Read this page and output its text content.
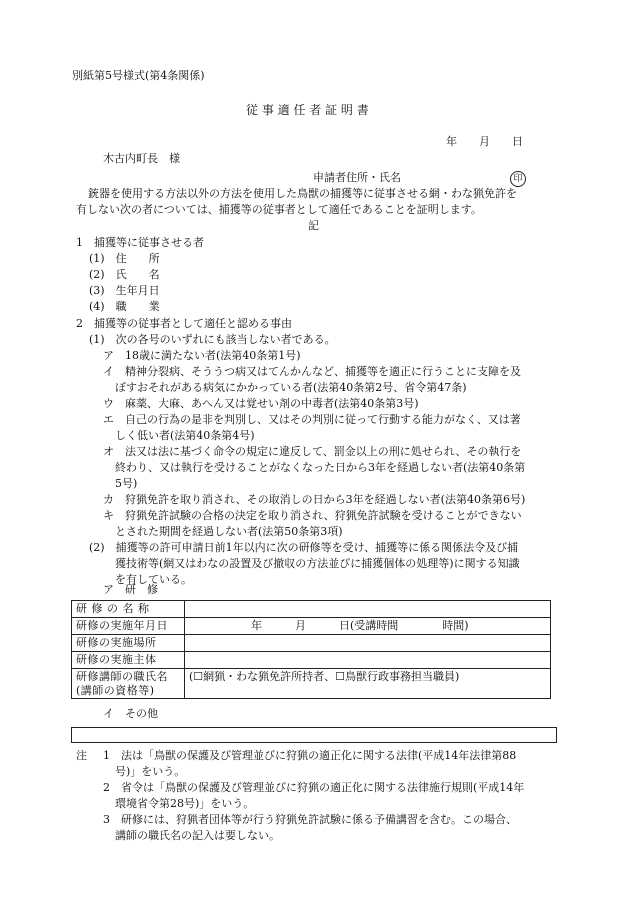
別紙第5号様式(第4条関係)
従 事 適 任 者 証 明 書
年　　月　　日
木古内町長　様
申請者住所・氏名	印
銃器を使用する方法以外の方法を使用した鳥獣の捕獲等に従事させる網・わな猟免許を
有しない次の者については、捕獲等の従事者として適任であることを証明します。
記
1　捕獲等に従事させる者
(1)　住　　所
(2)　氏　　名
(3)　生年月日
(4)　職　　業
2　捕獲等の従事者として適任と認める事由
(1)　次の各号のいずれにも該当しない者である。
ア　18歳に満たない者(法第40条第1号)
イ　精神分裂病、そううつ病又はてんかんなど、捕獲等を適正に行うことに支障を及
ぼすおそれがある病気にかかっている者(法第40条第2号、省令第47条)
ウ　麻薬、大麻、あへん又は覚せい剤の中毒者(法第40条第3号)
エ　自己の行為の是非を判別し、又はその判別に従って行動する能力がなく、又は著
しく低い者(法第40条第4号)
オ　法又は法に基づく命令の規定に違反して、罰金以上の刑に処せられ、その執行を
終わり、又は執行を受けることがなくなった日から3年を経過しない者(法第40条第
5号)
カ　狩猟免許を取り消され、その取消しの日から3年を経過しない者(法第40条第6号)
キ　狩猟免許試験の合格の決定を取り消され、狩猟免許試験を受けることができない
とされた期間を経過しない者(法第50条第3項)
(2)　捕獲等の許可申請日前1年以内に次の研修等を受け、捕獲等に係る関係法令及び捕
獲技術等(網又はわなの設置及び撤収の方法並びに捕獲個体の処理等)に関する知識
を有している。
ア　研　修
研 修 の 名 称	
研修の実施年月日	年　　　月　　　日(受講時間　　　　時間)
研修の実施場所	
研修の実施主体	

研修講師の職氏名
(講師の資格等)	(☐網猟・わな猟免許所持者、☐鳥獣行政事務担当職員)
イ　その他
注 1　法は「鳥獣の保護及び管理並びに狩猟の適正化に関する法律(平成14年法律第88
号)」をいう。
2　省令は「鳥獣の保護及び管理並びに狩猟の適正化に関する法律施行規則(平成14年
環境省令第28号)」をいう。
3　研修には、狩猟者団体等が行う狩猟免許試験に係る予備講習を含む。この場合、
講師の職氏名の記入は要しない。
